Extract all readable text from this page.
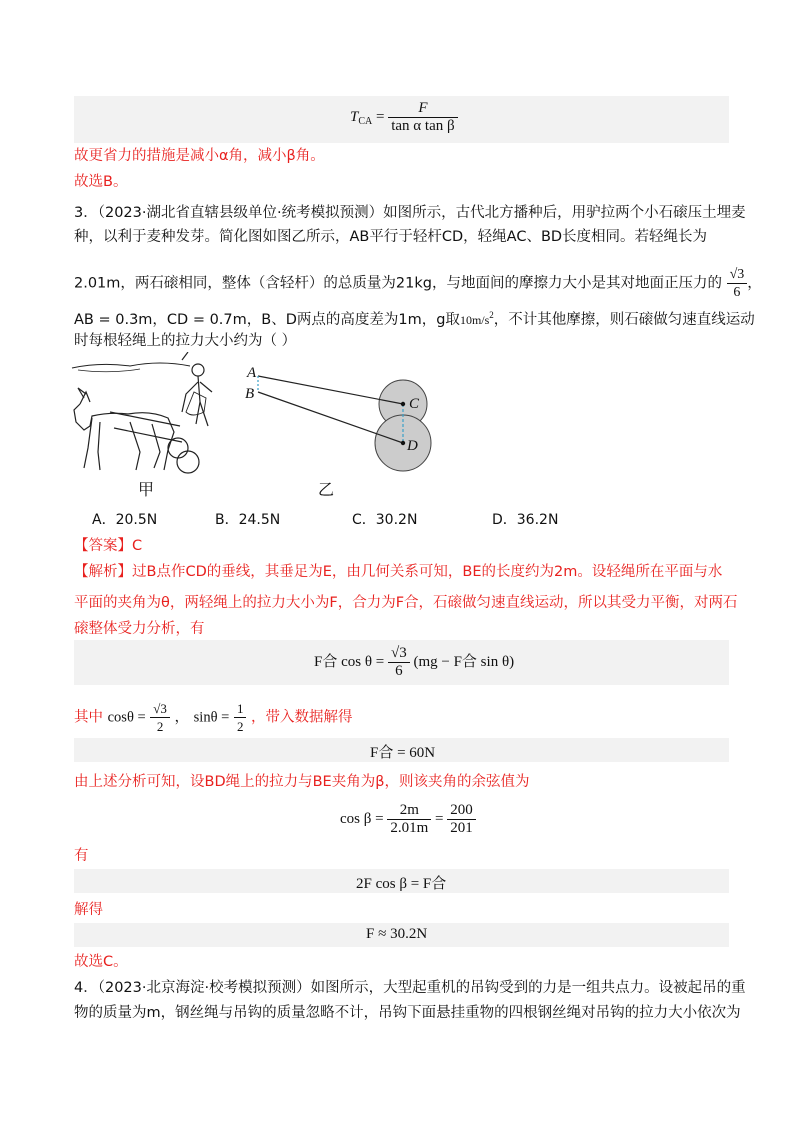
$T_{CA} = \frac{F}{\text{tan α tan β}}$
故更省力的措施是减小α角，减小β角。
故选B。
3．（2023·湖北省直辖县级单位·统考模拟预测）如图所示，古代北方播种后，用驴拉两个小石磙压土埋麦
种，以利于麦种发芽。简化图如图乙所示，AB平行于轻杆CD，轻绳AC、BD长度相同。若轻绳长为
2.01m，两石磙相同，整体（含轻杆）的总质量为21kg，与地面间的摩擦力大小是其对地面正压力的 $\frac{√3}{6}$ ，
AB = 0.3m，CD = 0.7m，B、D两点的高度差为1m，g取$10m/s^2$，不计其他摩擦，则石磙做匀速直线运动
时每根轻绳上的拉力大小约为（ ）
甲
A
B
C
D
乙
A．20.5N	B．24.5N	C．30.2N	D．36.2N
【答案】C
【解析】过B点作CD的垂线，其垂足为E，由几何关系可知，BE的长度约为2m。设轻绳所在平面与水
平面的夹角为θ，两轻绳上的拉力大小为F，合力为F合，石磙做匀速直线运动，所以其受力平衡，对两石
磙整体受力分析，有
F合 $\cos \theta = \frac{√3}{6} (mg - F$合 sin θ)
其中 $\cos\theta = \frac{√3}{2}$ ， $\sin\theta = \frac{1}{2}$ ，带入数据解得
F合 = 60N
由上述分析可知，设BD绳上的拉力与BE夹角为β，则该夹角的余弦值为
$\cos \beta = \frac{2m}{2.01m} = \frac{200}{201}$
有
2F cos β = F合
解得
F ≈ 30.2N
故选C。
4．（2023·北京海淀·校考模拟预测）如图所示，大型起重机的吊钩受到的力是一组共点力。设被起吊的重
物的质量为m，钢丝绳与吊钩的质量忽略不计，吊钩下面悬挂重物的四根钢丝绳对吊钩的拉力大小依次为
